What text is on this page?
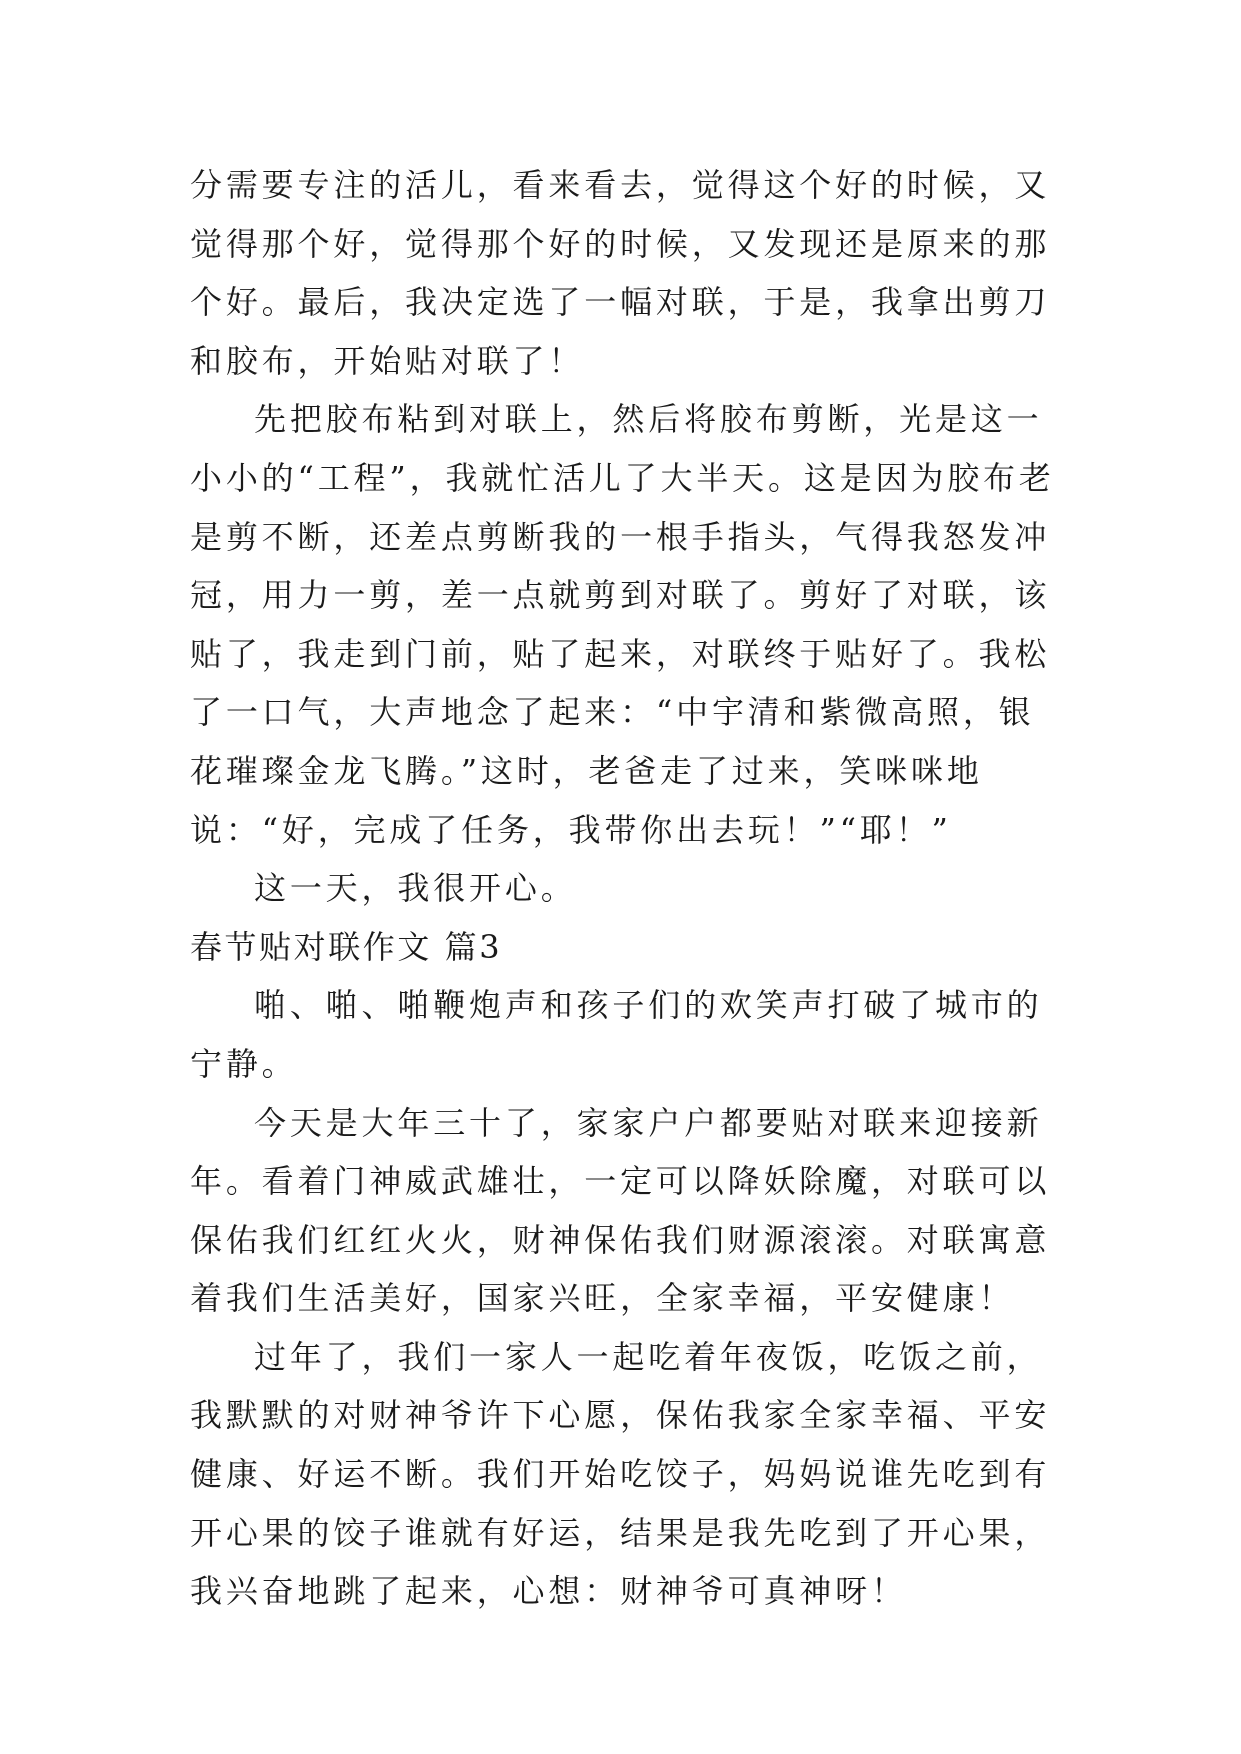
分需要专注的活儿，看来看去，觉得这个好的时候，又觉得那个好，觉得那个好的时候，又发现还是原来的那个好。最后，我决定选了一幅对联，于是，我拿出剪刀和胶布，开始贴对联了！

先把胶布粘到对联上，然后将胶布剪断，光是这一小小的“工程”，我就忙活儿了大半天。这是因为胶布老是剪不断，还差点剪断我的一根手指头，气得我怒发冲冠，用力一剪，差一点就剪到对联了。剪好了对联，该贴了，我走到门前，贴了起来，对联终于贴好了。我松了一口气，大声地念了起来：“中宇清和紫微高照，银花璀璨金龙飞腾。”这时，老爸走了过来，笑咪咪地说：“好，完成了任务，我带你出去玩！”“耶！”

这一天，我很开心。

春节贴对联作文 篇3

啪、啪、啪鞭炮声和孩子们的欢笑声打破了城市的宁静。

今天是大年三十了，家家户户都要贴对联来迎接新年。看着门神威武雄壮，一定可以降妖除魔，对联可以保佑我们红红火火，财神保佑我们财源滚滚。对联寓意着我们生活美好，国家兴旺，全家幸福，平安健康！

过年了，我们一家人一起吃着年夜饭，吃饭之前，我默默的对财神爷许下心愿，保佑我家全家幸福、平安健康、好运不断。我们开始吃饺子，妈妈说谁先吃到有开心果的饺子谁就有好运，结果是我先吃到了开心果，我兴奋地跳了起来，心想：财神爷可真神呀！
